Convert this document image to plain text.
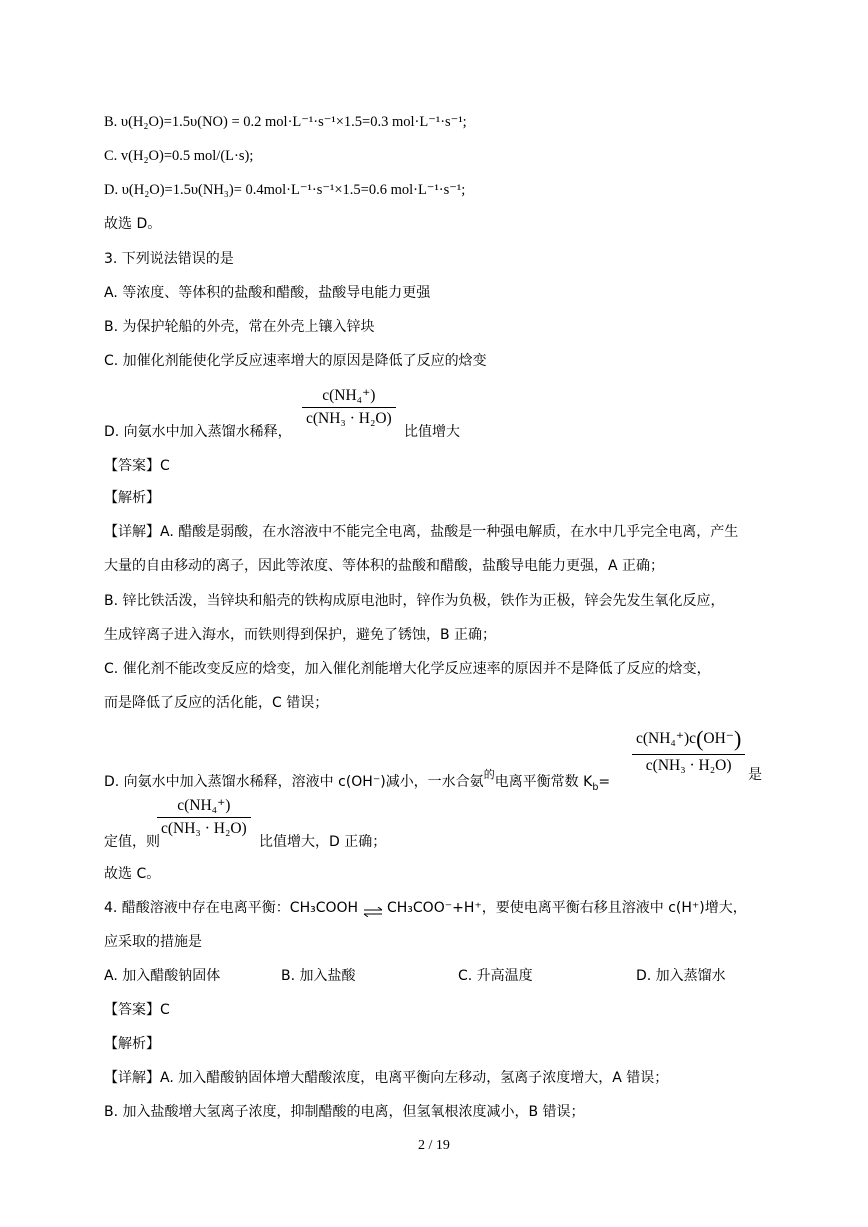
B. υ(H₂O)=1.5υ(NO) = 0.2 mol·L⁻¹·s⁻¹×1.5=0.3 mol·L⁻¹·s⁻¹;
C. v(H₂O)=0.5 mol/(L·s);
D. υ(H₂O)=1.5υ(NH₃)= 0.4mol·L⁻¹·s⁻¹×1.5=0.6 mol·L⁻¹·s⁻¹;
故选 D。
3. 下列说法错误的是
A. 等浓度、等体积的盐酸和醋酸，盐酸导电能力更强
B. 为保护轮船的外壳，常在外壳上镶入锌块
C. 加催化剂能使化学反应速率增大的原因是降低了反应的焓变
D. 向氨水中加入蒸馏水稀释，
c(NH₄⁺)
c(NH₃ · H₂O)
比值增大
【答案】C
【解析】
【详解】A. 醋酸是弱酸，在水溶液中不能完全电离，盐酸是一种强电解质，在水中几乎完全电离，产生
大量的自由移动的离子，因此等浓度、等体积的盐酸和醋酸，盐酸导电能力更强，A 正确；
B. 锌比铁活泼，当锌块和船壳的铁构成原电池时，锌作为负极，铁作为正极，锌会先发生氧化反应，
生成锌离子进入海水，而铁则得到保护，避免了锈蚀，B 正确；
C. 催化剂不能改变反应的焓变，加入催化剂能增大化学反应速率的原因并不是降低了反应的焓变，
而是降低了反应的活化能，C 错误；
D. 向氨水中加入蒸馏水稀释，溶液中 c(OH⁻)减小，一水合氨$^的$电离平衡常数 $K_b=$
c(NH₄⁺)c(OH⁻)
c(NH₃ · H₂O)
是
定值，则
c(NH₄⁺)
c(NH₃ · H₂O)
比值增大，D 正确；
故选 C。
4. 醋酸溶液中存在电离平衡：CH₃COOH ⇌ CH₃COO⁻+H⁺，要使电离平衡右移且溶液中 c(H⁺)增大，
应采取的措施是
A. 加入醋酸钠固体	B. 加入盐酸	C. 升高温度	D. 加入蒸馏水
【答案】C
【解析】
【详解】A. 加入醋酸钠固体增大醋酸浓度，电离平衡向左移动，氢离子浓度增大，A 错误；
B. 加入盐酸增大氢离子浓度，抑制醋酸的电离，但氢氧根浓度减小，B 错误；
2 / 19
